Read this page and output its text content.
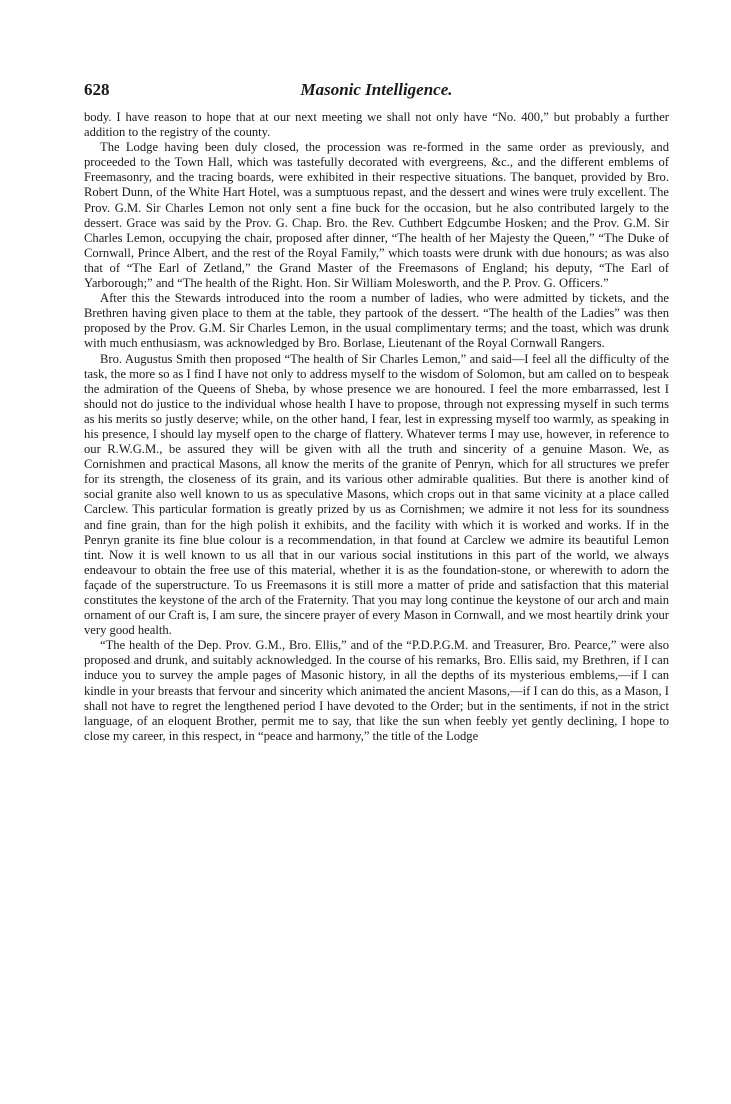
628	Masonic Intelligence.

body. I have reason to hope that at our next meeting we shall not only have “No. 400,” but probably a further addition to the registry of the county.

The Lodge having been duly closed, the procession was re-formed in the same order as previously, and proceeded to the Town Hall, which was tastefully decorated with evergreens, &c., and the different emblems of Freemasonry, and the tracing boards, were exhibited in their respective situations. The banquet, provided by Bro. Robert Dunn, of the White Hart Hotel, was a sumptuous repast, and the dessert and wines were truly excellent. The Prov. G.M. Sir Charles Lemon not only sent a fine buck for the occasion, but he also contributed largely to the dessert. Grace was said by the Prov. G. Chap. Bro. the Rev. Cuthbert Edgcumbe Hosken; and the Prov. G.M. Sir Charles Lemon, occupying the chair, proposed after dinner, “The health of her Majesty the Queen,” “The Duke of Cornwall, Prince Albert, and the rest of the Royal Family,” which toasts were drunk with due honours; as was also that of “The Earl of Zetland,” the Grand Master of the Freemasons of England; his deputy, “The Earl of Yarborough;” and “The health of the Right. Hon. Sir William Molesworth, and the P. Prov. G. Officers.”

After this the Stewards introduced into the room a number of ladies, who were admitted by tickets, and the Brethren having given place to them at the table, they partook of the dessert. “The health of the Ladies” was then proposed by the Prov. G.M. Sir Charles Lemon, in the usual complimentary terms; and the toast, which was drunk with much enthusiasm, was acknowledged by Bro. Borlase, Lieutenant of the Royal Cornwall Rangers.

Bro. Augustus Smith then proposed “The health of Sir Charles Lemon,” and said—I feel all the difficulty of the task, the more so as I find I have not only to address myself to the wisdom of Solomon, but am called on to bespeak the admiration of the Queens of Sheba, by whose presence we are honoured. I feel the more embarrassed, lest I should not do justice to the individual whose health I have to propose, through not expressing myself in such terms as his merits so justly deserve; while, on the other hand, I fear, lest in expressing myself too warmly, as speaking in his presence, I should lay myself open to the charge of flattery. Whatever terms I may use, however, in reference to our R.W.G.M., be assured they will be given with all the truth and sincerity of a genuine Mason. We, as Cornishmen and practical Masons, all know the merits of the granite of Penryn, which for all structures we prefer for its strength, the closeness of its grain, and its various other admirable qualities. But there is another kind of social granite also well known to us as speculative Masons, which crops out in that same vicinity at a place called Carclew. This particular formation is greatly prized by us as Cornishmen; we admire it not less for its soundness and fine grain, than for the high polish it exhibits, and the facility with which it is worked and works. If in the Penryn granite its fine blue colour is a recommendation, in that found at Carclew we admire its beautiful Lemon tint. Now it is well known to us all that in our various social institutions in this part of the world, we always endeavour to obtain the free use of this material, whether it is as the foundation-stone, or wherewith to adorn the façade of the superstructure. To us Freemasons it is still more a matter of pride and satisfaction that this material constitutes the keystone of the arch of the Fraternity. That you may long continue the keystone of our arch and main ornament of our Craft is, I am sure, the sincere prayer of every Mason in Cornwall, and we most heartily drink your very good health.

“The health of the Dep. Prov. G.M., Bro. Ellis,” and of the “P.D.P.G.M. and Treasurer, Bro. Pearce,” were also proposed and drunk, and suitably acknowledged. In the course of his remarks, Bro. Ellis said, my Brethren, if I can induce you to survey the ample pages of Masonic history, in all the depths of its mysterious emblems,—if I can kindle in your breasts that fervour and sincerity which animated the ancient Masons,—if I can do this, as a Mason, I shall not have to regret the lengthened period I have devoted to the Order; but in the sentiments, if not in the strict language, of an eloquent Brother, permit me to say, that like the sun when feebly yet gently declining, I hope to close my career, in this respect, in “peace and harmony,” the title of the Lodge
